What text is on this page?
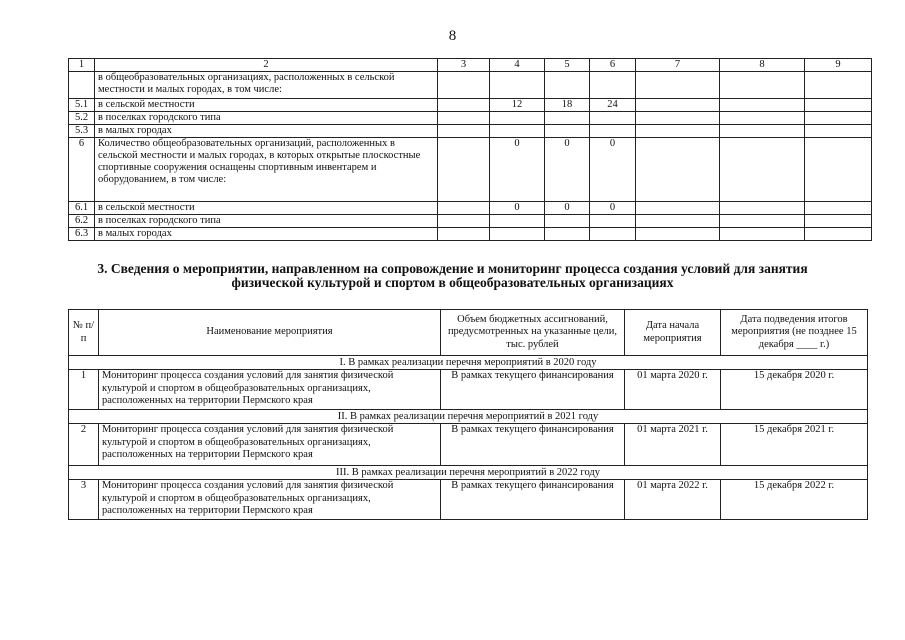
8
1	2	3	4	5	6	7	8	9
	в общеобразовательных организациях, расположенных в сельской местности и малых городах, в том числе:							
5.1	в сельской местности		12	18	24			
5.2	в поселках городского типа							
5.3	в малых городах							
6	Количество общеобразовательных организаций, расположенных в сельской местности и малых городах, в которых открытые плоскостные спортивные сооружения оснащены спортивным инвентарем и оборудованием, в том числе:		0	0	0			
6.1	в сельской местности		0	0	0			
6.2	в поселках городского типа							
6.3	в малых городах							
3. Сведения о мероприятии, направленном на сопровождение и мониторинг процесса создания условий для занятия физической культурой и спортом в общеобразовательных организациях
№ п/п	Наименование мероприятия	Объем бюджетных ассигнований, предусмотренных на указанные цели, тыс. рублей	Дата начала мероприятия	Дата подведения итогов мероприятия (не позднее 15 декабря ____ г.)
I. В рамках реализации перечня мероприятий в 2020 году				
1	Мониторинг процесса создания условий для занятия физической культурой и спортом в общеобразовательных организациях, расположенных на территории Пермского края	В рамках текущего финансирования	01 марта 2020 г.	15 декабря 2020 г.
II. В рамках реализации перечня мероприятий в 2021 году				
2	Мониторинг процесса создания условий для занятия физической культурой и спортом в общеобразовательных организациях, расположенных на территории Пермского края	В рамках текущего финансирования	01 марта 2021 г.	15 декабря 2021 г.
III. В рамках реализации перечня мероприятий в 2022 году				
3	Мониторинг процесса создания условий для занятия физической культурой и спортом в общеобразовательных организациях, расположенных на территории Пермского края	В рамках текущего финансирования	01 марта 2022 г.	15 декабря 2022 г.
